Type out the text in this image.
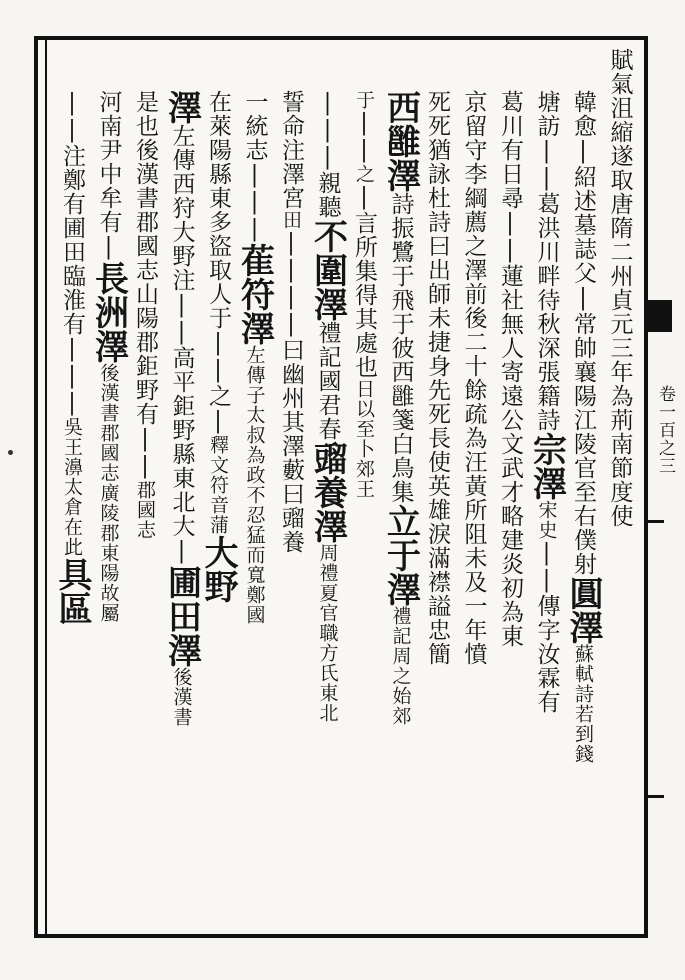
賦氣沮縮遂取唐隋二州貞元三年為荊南節度使
韓愈|紹述墓誌父|常帥襄陽江陵官至右僕射圓澤蘇軾詩若到錢
塘訪||葛洪川畔待秋深張籍詩宗澤宋史||傳字汝霖有
葛川有日尋||蓮社無人寄遠公文武才略建炎初為東
京留守李綱薦之澤前後二十餘疏為汪黃所阻未及一年憤
死死猶詠杜詩曰出師未捷身先死長使英雄淚滿襟謚忠簡
西雝澤詩振鷺于飛于彼西雝箋白鳥集立于澤禮記周之始郊
于||之|言所集得其處也日以至卜郊王
|||親聽不圍澤禮記國君春䝀養澤周禮夏官職方氏東北
誓命注澤宮田||||曰幽州其澤藪曰䝀養
一統志|||萑符澤左傳子太叔為政不忍猛而寬鄭國
在萊陽縣東多盜取人于||之|釋文符音蒲大野
澤左傳西狩大野注||高平鉅野縣東北大|圃田澤後漢書
是也後漢書郡國志山陽郡鉅野有||郡國志
河南尹中牟有|長洲澤後漢書郡國志廣陵郡東陽故屬
||注鄭有圃田臨淮有|||吳王濞太倉在此具區
卷一百之三
